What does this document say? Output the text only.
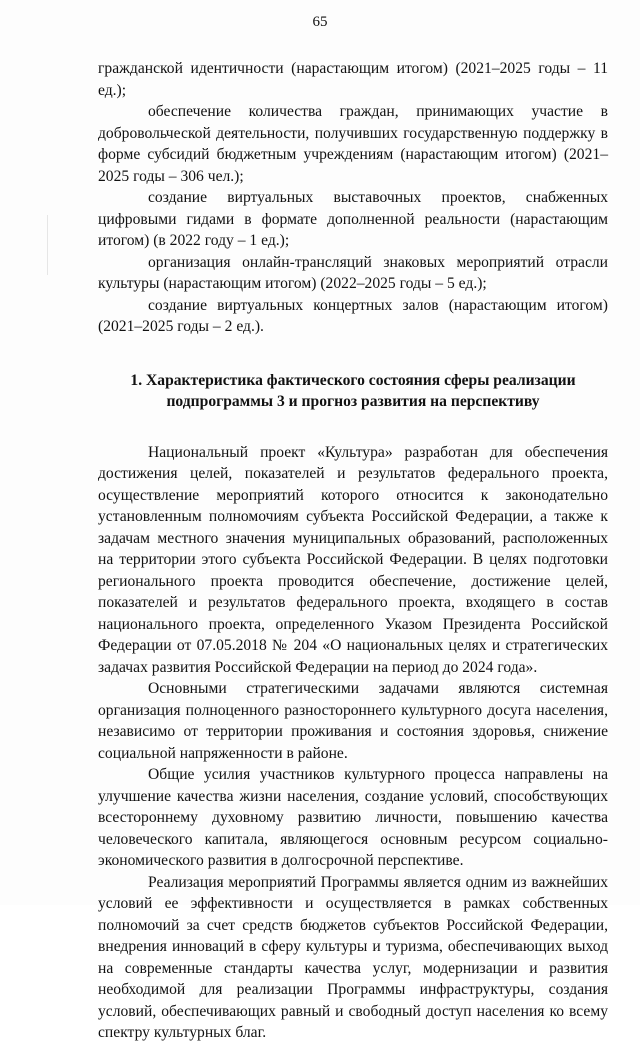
65

гражданской идентичности (нарастающим итогом) (2021–2025 годы – 11 ед.);

обеспечение количества граждан, принимающих участие в добровольческой деятельности, получивших государственную поддержку в форме субсидий бюджетным учреждениям (нарастающим итогом) (2021–2025 годы – 306 чел.);

создание виртуальных выставочных проектов, снабженных цифровыми гидами в формате дополненной реальности (нарастающим итогом) (в 2022 году – 1 ед.);

организация онлайн-трансляций знаковых мероприятий отрасли культуры (нарастающим итогом) (2022–2025 годы – 5 ед.);

создание виртуальных концертных залов (нарастающим итогом) (2021–2025 годы – 2 ед.).

1. Характеристика фактического состояния сферы реализации
подпрограммы 3 и прогноз развития на перспективу

Национальный проект «Культура» разработан для обеспечения достижения целей, показателей и результатов федерального проекта, осуществление мероприятий которого относится к законодательно установленным полномочиям субъекта Российской Федерации, а также к задачам местного значения муниципальных образований, расположенных на территории этого субъекта Российской Федерации. В целях подготовки регионального проекта проводится обеспечение, достижение целей, показателей и результатов федерального проекта, входящего в состав национального проекта, определенного Указом Президента Российской Федерации от 07.05.2018 № 204 «О национальных целях и стратегических задачах развития Российской Федерации на период до 2024 года».

Основными стратегическими задачами являются системная организация полноценного разностороннего культурного досуга населения, независимо от территории проживания и состояния здоровья, снижение социальной напряженности в районе.

Общие усилия участников культурного процесса направлены на улучшение качества жизни населения, создание условий, способствующих всестороннему духовному развитию личности, повышению качества человеческого капитала, являющегося основным ресурсом социально-экономического развития в долгосрочной перспективе.

Реализация мероприятий Программы является одним из важнейших условий ее эффективности и осуществляется в рамках собственных полномочий за счет средств бюджетов субъектов Российской Федерации, внедрения инноваций в сферу культуры и туризма, обеспечивающих выход на современные стандарты качества услуг, модернизации и развития необходимой для реализации Программы инфраструктуры, создания условий, обеспечивающих равный и свободный доступ населения ко всему спектру культурных благ.
